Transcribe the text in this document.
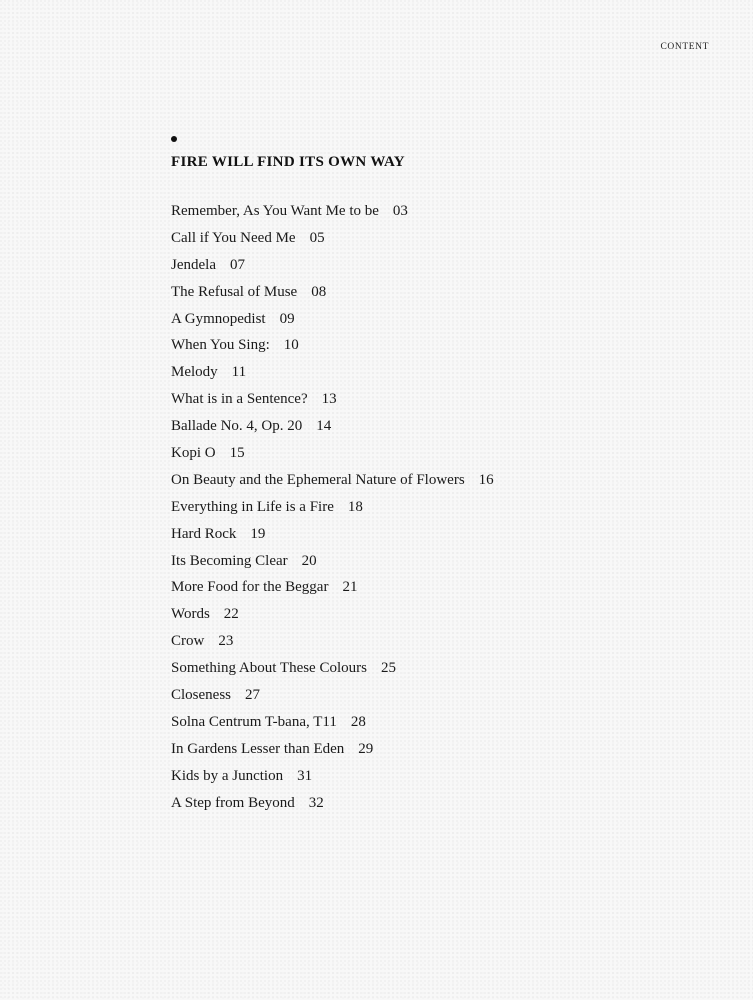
CONTENT
FIRE WILL FIND ITS OWN WAY
Remember, As You Want Me to be 03
Call if You Need Me 05
Jendela 07
The Refusal of Muse 08
A Gymnopedist 09
When You Sing: 10
Melody 11
What is in a Sentence? 13
Ballade No. 4, Op. 20 14
Kopi O 15
On Beauty and the Ephemeral Nature of Flowers 16
Everything in Life is a Fire 18
Hard Rock 19
Its Becoming Clear 20
More Food for the Beggar 21
Words 22
Crow 23
Something About These Colours 25
Closeness 27
Solna Centrum T-bana, T11 28
In Gardens Lesser than Eden 29
Kids by a Junction 31
A Step from Beyond 32
